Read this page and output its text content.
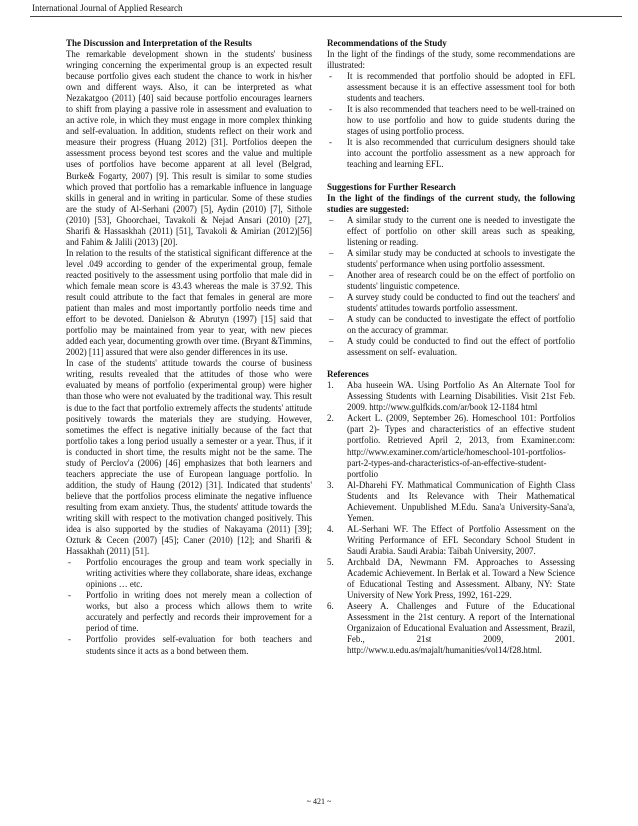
International Journal of Applied Research
The Discussion and Interpretation of the Results

The remarkable development shown in the students' business wringing concerning the experimental group is an expected result because portfolio gives each student the chance to work in his/her own and different ways. Also, it can be interpreted as what Nezakatgoo (2011) [40] said because portfolio encourages learners to shift from playing a passive role in assessment and evaluation to an active role, in which they must engage in more complex thinking and self-evaluation. In addition, students reflect on their work and measure their progress (Huang 2012) [31]. Portfolios deepen the assessment process beyond test scores and the value and multiple uses of portfolios have become apparent at all level (Belgrad, Burke& Fogarty, 2007) [9]. This result is similar to some studies which proved that portfolio has a remarkable influence in language skills in general and in writing in particular. Some of these studies are the study of Al-Serhani (2007) [5], Aydin (2010) [7], Sithole (2010) [53], Ghoorchaei, Tavakoli & Nejad Ansari (2010) [27], Sharifi & Hassaskhah (2011) [51], Tavakoli & Amirian (2012)[56] and Fahim & Jalili (2013) [20].

In relation to the results of the statistical significant difference at the level .049 according to gender of the experimental group, female reacted positively to the assessment using portfolio that male did in which female mean score is 43.43 whereas the male is 37.92. This result could attribute to the fact that females in general are more patient than males and most importantly portfolio needs time and effort to be devoted. Danielson & Abrutyn (1997) [15] said that portfolio may be maintained from year to year, with new pieces added each year, documenting growth over time. (Bryant &Timmins, 2002) [11] assured that were also gender differences in its use.

In case of the students' attitude towards the course of business writing, results revealed that the attitudes of those who were evaluated by means of portfolio (experimental group) were higher than those who were not evaluated by the traditional way. This result is due to the fact that portfolio extremely affects the students' attitude positively towards the materials they are studying. However, sometimes the effect is negative initially because of the fact that portfolio takes a long period usually a semester or a year. Thus, if it is conducted in short time, the results might not be the same. The study of Perclov'a (2006) [46] emphasizes that both learners and teachers appreciate the use of European language portfolio. In addition, the study of Haung (2012) [31]. Indicated that students' believe that the portfolios process eliminate the negative influence resulting from exam anxiety. Thus, the students' attitude towards the writing skill with respect to the motivation changed positively. This idea is also supported by the studies of Nakayama (2011) [39]; Ozturk & Cecen (2007) [45]; Caner (2010) [12]; and Sharifi & Hassakhah (2011) [51].

- Portfolio encourages the group and team work specially in writing activities where they collaborate, share ideas, exchange opinions … etc.
- Portfolio in writing does not merely mean a collection of works, but also a process which allows them to write accurately and perfectly and records their improvement for a period of time.
- Portfolio provides self-evaluation for both teachers and students since it acts as a bond between them.
Recommendations of the Study

In the light of the findings of the study, some recommendations are illustrated:

- It is recommended that portfolio should be adopted in EFL assessment because it is an effective assessment tool for both students and teachers.
- It is also recommended that teachers need to be well-trained on how to use portfolio and how to guide students during the stages of using portfolio process.
- It is also recommended that curriculum designers should take into account the portfolio assessment as a new approach for teaching and learning EFL.
Suggestions for Further Research

In the light of the findings of the current study, the following studies are suggested:

– A similar study to the current one is needed to investigate the effect of portfolio on other skill areas such as speaking, listening or reading.
– A similar study may be conducted at schools to investigate the students' performance when using portfolio assessment.
– Another area of research could be on the effect of portfolio on students' linguistic competence.
– A survey study could be conducted to find out the teachers' and students' attitudes towards portfolio assessment.
– A study can be conducted to investigate the effect of portfolio on the accuracy of grammar.
– A study could be conducted to find out the effect of portfolio assessment on self- evaluation.
References
1. Aba huseein WA. Using Portfolio As An Alternate Tool for Assessing Students with Learning Disabilities. Visit 21st Feb. 2009. http://www.gulfkids.com/ar/book 12-1184 html
2. Ackert L. (2009, September 26). Homeschool 101: Portfolios (part 2)- Types and characteristics of an effective student portfolio. Retrieved April 2, 2013, from Examiner.com: http://www.examiner.com/article/homeschool-101-portfolios-part-2-types-and-characteristics-of-an-effective-student-portfolio
3. Al-Dharehi FY. Mathmatical Communication of Eighth Class Students and Its Relevance with Their Mathematical Achievement. Unpublished M.Edu. Sana'a University-Sana'a, Yemen.
4. AL-Serhani WF. The Effect of Portfolio Assessment on the Writing Performance of EFL Secondary School Student in Saudi Arabia. Saudi Arabia: Taibah University, 2007.
5. Archbald DA, Newmann FM. Approaches to Assessing Academic Achievement. In Berlak et al. Toward a New Science of Educational Testing and Assessment. Albany, NY: State University of New York Press, 1992, 161-229.
6. Aseery A. Challenges and Future of the Educational Assessment in the 21st century. A report of the International Organizaion of Educational Evaluation and Assessment, Brazil, Feb., 21st 2009, 2001. http://www.u.edu.as/majalt/humanities/vol14/f28.html.
~ 421 ~
